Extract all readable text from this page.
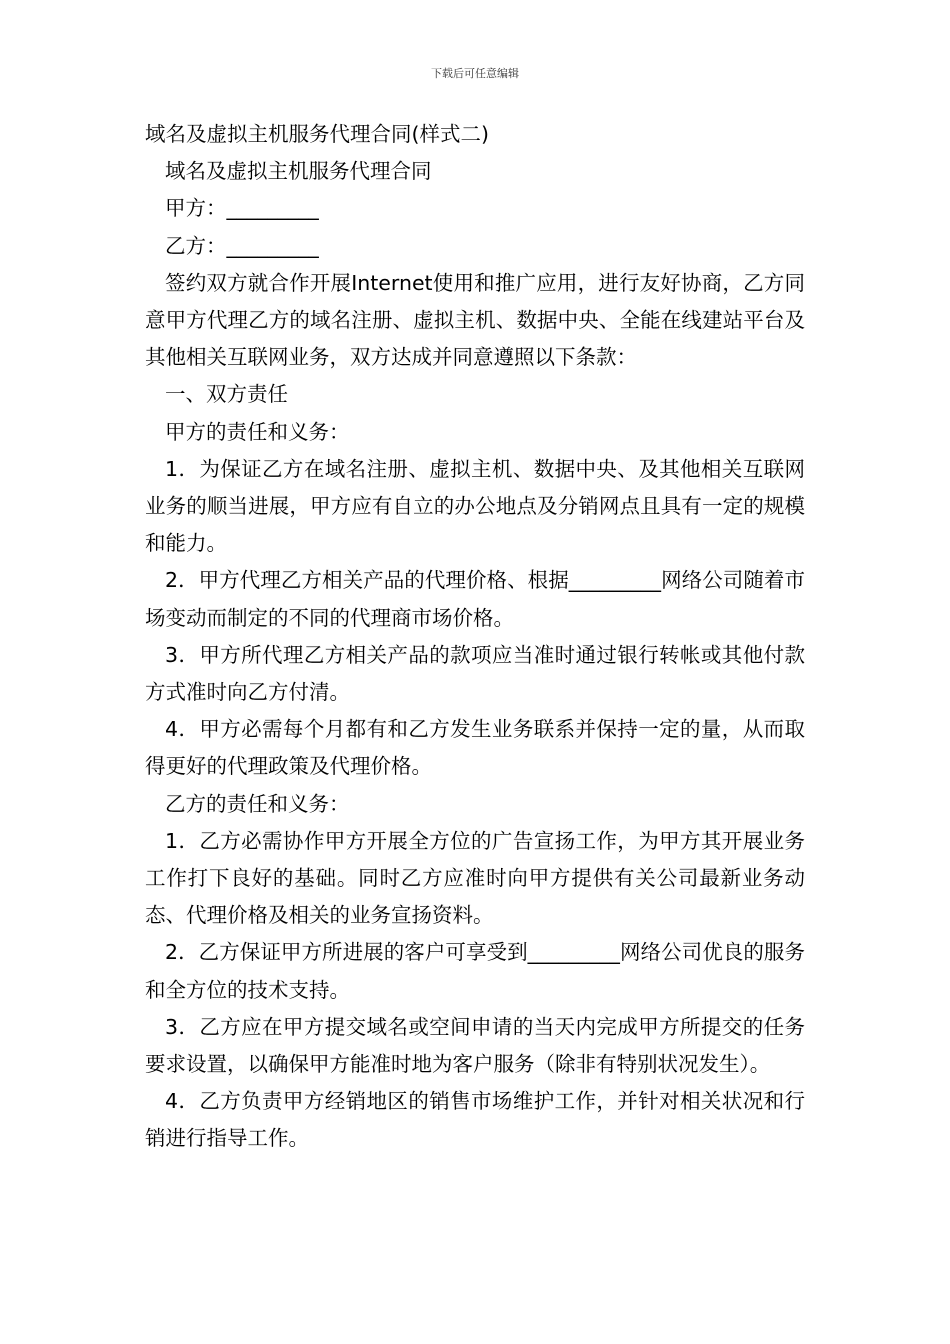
下载后可任意编辑

域名及虚拟主机服务代理合同(样式二)

域名及虚拟主机服务代理合同

甲方：_________

乙方：_________

签约双方就合作开展Internet使用和推广应用，进行友好协商，乙方同意甲方代理乙方的域名注册、虚拟主机、数据中央、全能在线建站平台及其他相关互联网业务，双方达成并同意遵照以下条款：

一、双方责任

甲方的责任和义务：

1．为保证乙方在域名注册、虚拟主机、数据中央、及其他相关互联网业务的顺当进展，甲方应有自立的办公地点及分销网点且具有一定的规模和能力。

2．甲方代理乙方相关产品的代理价格、根据_________网络公司随着市场变动而制定的不同的代理商市场价格。

3．甲方所代理乙方相关产品的款项应当准时通过银行转帐或其他付款方式准时向乙方付清。

4．甲方必需每个月都有和乙方发生业务联系并保持一定的量，从而取得更好的代理政策及代理价格。

乙方的责任和义务：

1．乙方必需协作甲方开展全方位的广告宣扬工作，为甲方其开展业务工作打下良好的基础。同时乙方应准时向甲方提供有关公司最新业务动态、代理价格及相关的业务宣扬资料。

2．乙方保证甲方所进展的客户可享受到_________网络公司优良的服务和全方位的技术支持。

3．乙方应在甲方提交域名或空间申请的当天内完成甲方所提交的任务要求设置，以确保甲方能准时地为客户服务（除非有特别状况发生）。

4．乙方负责甲方经销地区的销售市场维护工作，并针对相关状况和行销进行指导工作。
